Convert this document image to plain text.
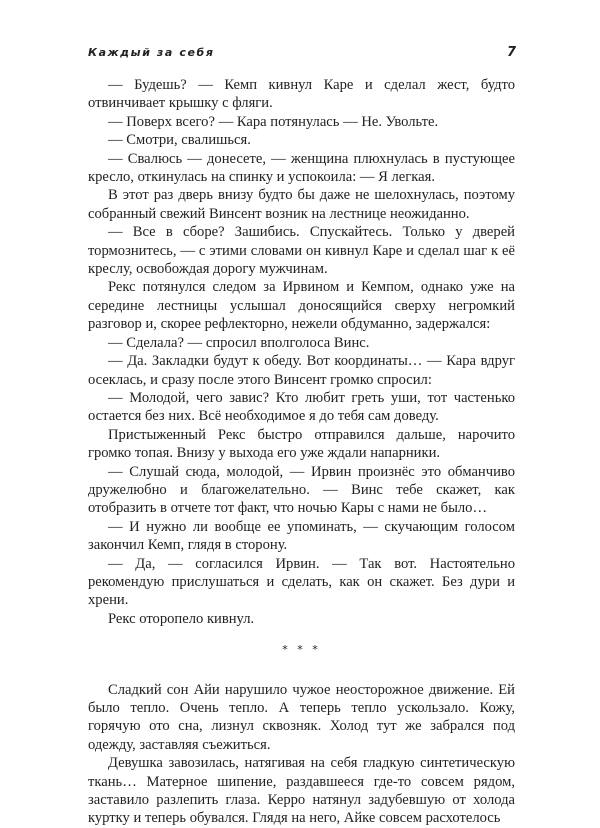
Каждый за себя	7

— Будешь? — Кемп кивнул Каре и сделал жест, будто отвинчивает крышку с фляги.

— Поверх всего? — Кара потянулась — Не. Увольте.

— Смотри, свалишься.

— Свалюсь — донесете, — женщина плюхнулась в пустующее кресло, откинулась на спинку и успокоила: — Я легкая.

В этот раз дверь внизу будто бы даже не шелохнулась, поэтому собранный свежий Винсент возник на лестнице неожиданно.

— Все в сборе? Зашибись. Спускайтесь. Только у дверей тормознитесь, — с этими словами он кивнул Каре и сделал шаг к её креслу, освобождая дорогу мужчинам.

Рекс потянулся следом за Ирвином и Кемпом, однако уже на середине лестницы услышал доносящийся сверху негромкий разговор и, скорее рефлекторно, нежели обдуманно, задержался:

— Сделала? — спросил вполголоса Винс.

— Да. Закладки будут к обеду. Вот координаты… — Кара вдруг осеклась, и сразу после этого Винсент громко спросил:

— Молодой, чего завис? Кто любит греть уши, тот частенько остается без них. Всё необходимое я до тебя сам доведу.

Пристыженный Рекс быстро отправился дальше, нарочито громко топая. Внизу у выхода его уже ждали напарники.

— Слушай сюда, молодой, — Ирвин произнёс это обманчиво дружелюбно и благожелательно. — Винс тебе скажет, как отобразить в отчете тот факт, что ночью Кары с нами не было…

— И нужно ли вообще ее упоминать, — скучающим голосом закончил Кемп, глядя в сторону.

— Да, — согласился Ирвин. — Так вот. Настоятельно рекомендую прислушаться и сделать, как он скажет. Без дури и хрени.

Рекс оторопело кивнул.

* * *

Сладкий сон Айи нарушило чужое неосторожное движение. Ей было тепло. Очень тепло. А теперь тепло ускользало. Кожу, горячую ото сна, лизнул сквозняк. Холод тут же забрался под одежду, заставляя съежиться.

Девушка завозилась, натягивая на себя гладкую синтетическую ткань… Матерное шипение, раздавшееся где-то совсем рядом, заставило разлепить глаза. Керро натянул задубевшую от холода куртку и теперь обувался. Глядя на него, Айке совсем расхотелось
